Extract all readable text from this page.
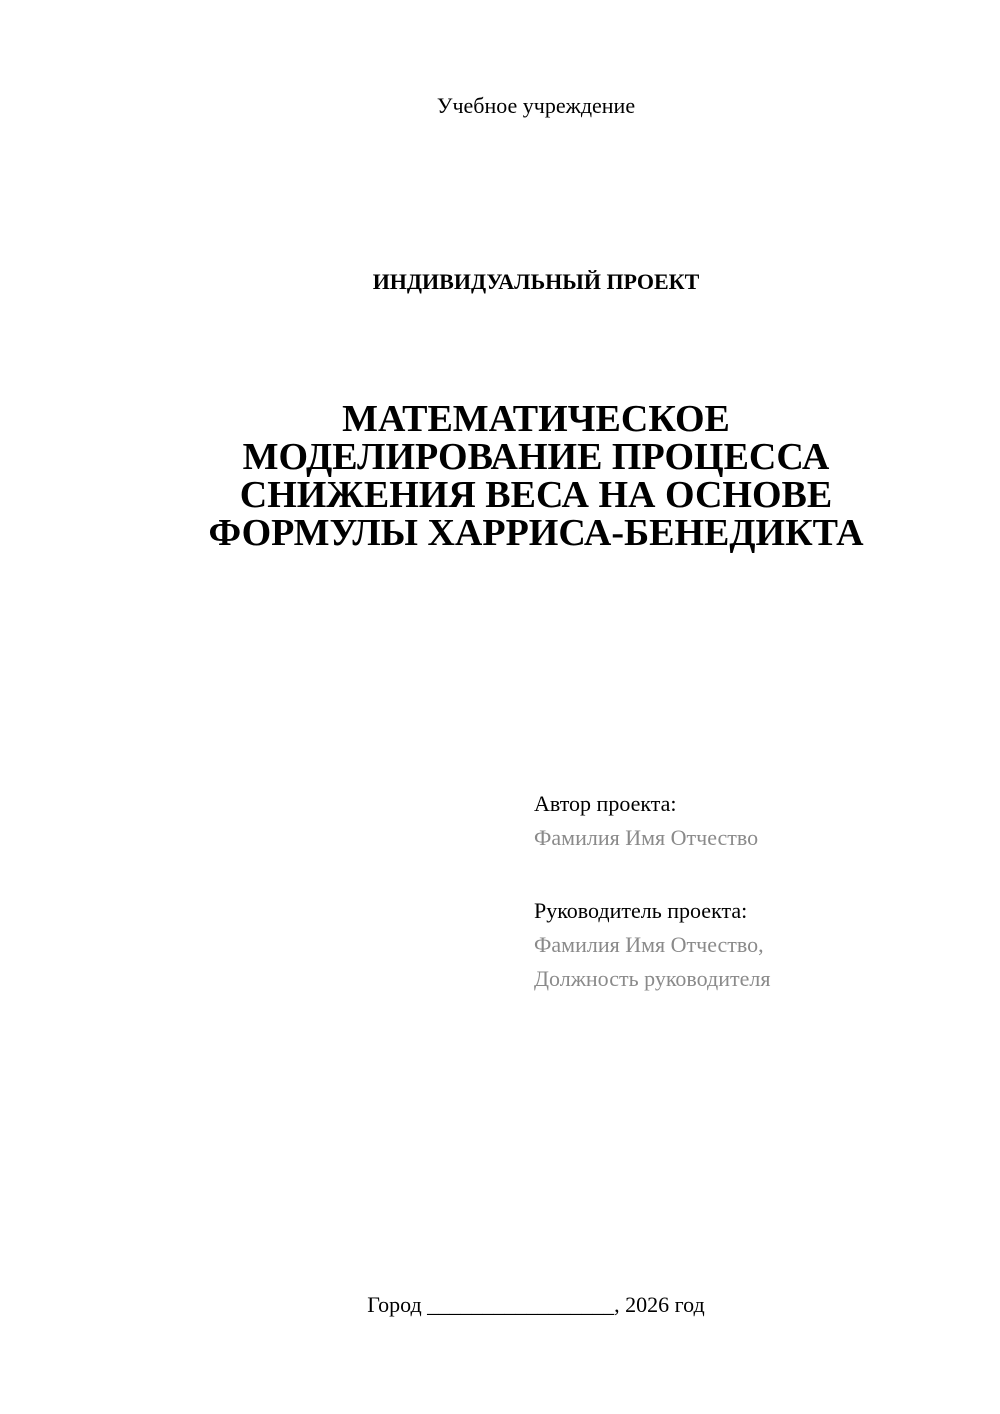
Учебное учреждение
ИНДИВИДУАЛЬНЫЙ ПРОЕКТ
МАТЕМАТИЧЕСКОЕ
МОДЕЛИРОВАНИЕ ПРОЦЕССА
СНИЖЕНИЯ ВЕСА НА ОСНОВЕ
ФОРМУЛЫ ХАРРИСА-БЕНЕДИКТА
Автор проекта:
Фамилия Имя Отчество
Руководитель проекта:
Фамилия Имя Отчество,
Должность руководителя
Город _________________, 2026 год
